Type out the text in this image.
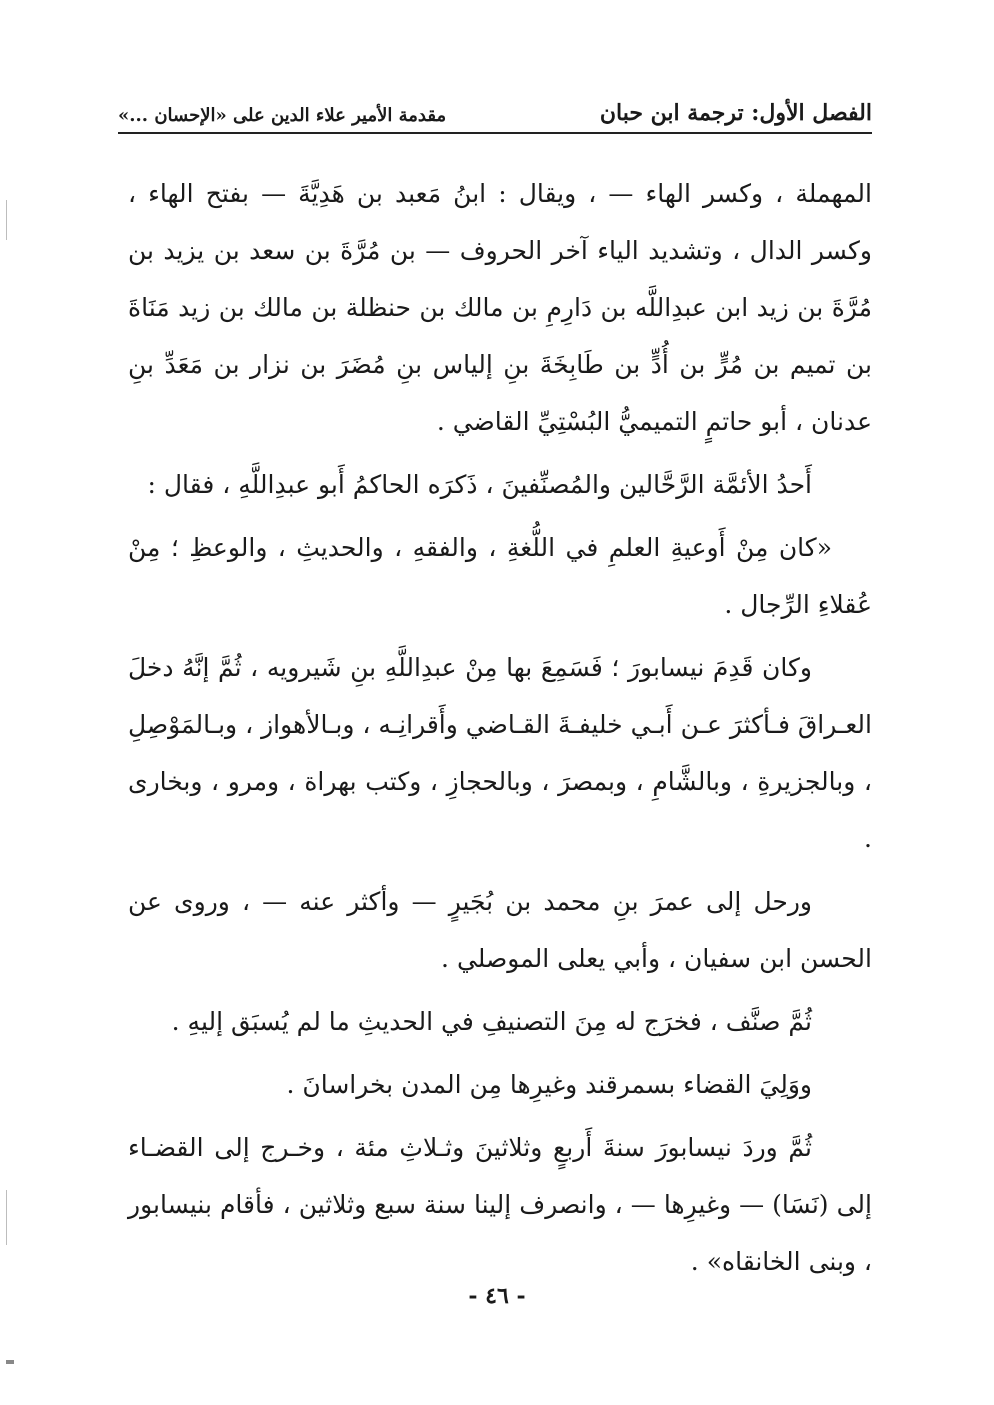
الفصل الأول: ترجمة ابن حبان
مقدمة الأمير علاء الدين على «الإحسان ...»

المهملة ، وكسر الهاء — ، ويقال : ابنُ مَعبد بن هَدِيَّةَ — بفتح الهاء ، وكسر الدال ، وتشديد الياء آخر الحروف — بن مُرَّةَ بن سعد بن يزيد بن مُرَّةَ بن زيد ابن عبدِاللَّه بن دَارِمِ بن مالك بن حنظلة بن مالك بن زيد مَنَاةَ بن تميم بن مُرٍّ بن أُدٍّ بن طَابِخَةَ بنِ إلياس بنِ مُضَرَ بن نزار بن مَعَدِّ بنِ عدنان ، أبو حاتمٍ التميميُّ البُسْتِيِّ القاضي .

أَحدُ الأئمَّة الرَّحَّالين والمُصنِّفينَ ، ذَكرَه الحاكمُ أَبو عبدِاللَّهِ ، فقال :

«كان مِنْ أَوعيةِ العلمِ في اللُّغةِ ، والفقهِ ، والحديثِ ، والوعظِ ؛ مِنْ عُقلاءِ الرِّجال .

وكان قَدِمَ نيسابورَ ؛ فَسَمِعَ بها مِنْ عبدِاللَّهِ بنِ شَيرويه ، ثُمَّ إنَّهُ دخلَ العـراقَ فـأكثرَ عـن أَبـي خليفـةَ القـاضي وأَقرانِـه ، وبـالأهواز ، وبـالمَوْصِلِ ، وبالجزيرةِ ، وبالشَّامِ ، وبمصرَ ، وبالحجازِ ، وكتب بهراة ، ومرو ، وبخارى .

ورحل إلى عمرَ بنِ محمد بن بُجَيرٍ — وأكثر عنه — ، وروى عن الحسن ابن سفيان ، وأبي يعلى الموصلي .

ثُمَّ صنَّف ، فخرَج له مِنَ التصنيفِ في الحديثِ ما لم يُسبَق إليهِ .

ووَلِيَ القضاء بسمرقند وغيرِها مِن المدن بخراسانَ .

ثُمَّ وردَ نيسابورَ سنةَ أَربعٍ وثلاثينَ وثـلاثِ مئة ، وخـرج إلى القضـاء إلى (نَسَا) — وغيرِها — ، وانصرف إلينا سنة سبع وثلاثين ، فأقام بنيسابور ، وبنى الخانقاه» .

- ٤٦ -
